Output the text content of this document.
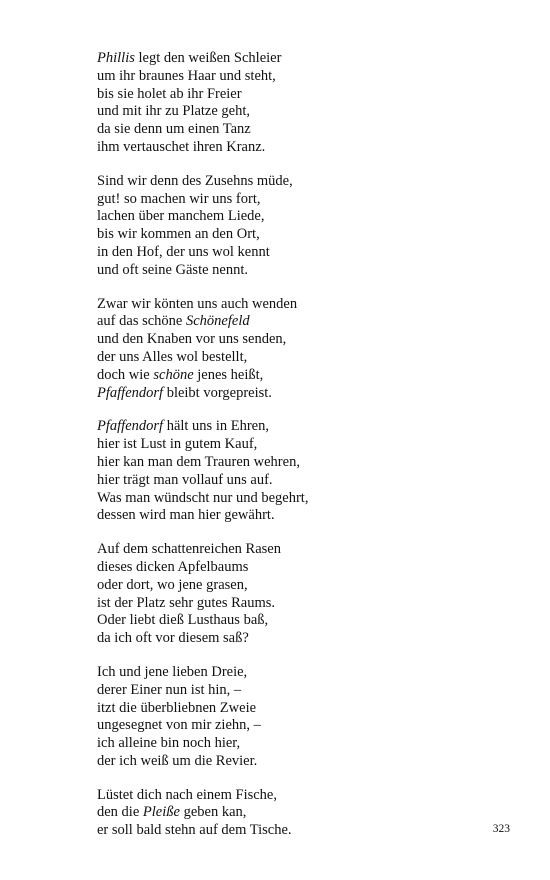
Phillis legt den weißen Schleier
um ihr braunes Haar und steht,
bis sie holet ab ihr Freier
und mit ihr zu Platze geht,
da sie denn um einen Tanz
ihm vertauschet ihren Kranz.
Sind wir denn des Zusehns müde,
gut! so machen wir uns fort,
lachen über manchem Liede,
bis wir kommen an den Ort,
in den Hof, der uns wol kennt
und oft seine Gäste nennt.
Zwar wir könten uns auch wenden
auf das schöne Schönefeld
und den Knaben vor uns senden,
der uns Alles wol bestellt,
doch wie schöne jenes heißt,
Pfaffendorf bleibt vorgepreist.
Pfaffendorf hält uns in Ehren,
hier ist Lust in gutem Kauf,
hier kan man dem Trauren wehren,
hier trägt man vollauf uns auf.
Was man wündscht nur und begehrt,
dessen wird man hier gewährt.
Auf dem schattenreichen Rasen
dieses dicken Apfelbaums
oder dort, wo jene grasen,
ist der Platz sehr gutes Raums.
Oder liebt dieß Lusthaus baß,
da ich oft vor diesem saß?
Ich und jene lieben Dreie,
derer Einer nun ist hin, –
itzt die überbliebnen Zweie
ungesegnet von mir ziehn, –
ich alleine bin noch hier,
der ich weiß um die Revier.
Lüstet dich nach einem Fische,
den die Pleiße geben kan,
er soll bald stehn auf dem Tische.	323
